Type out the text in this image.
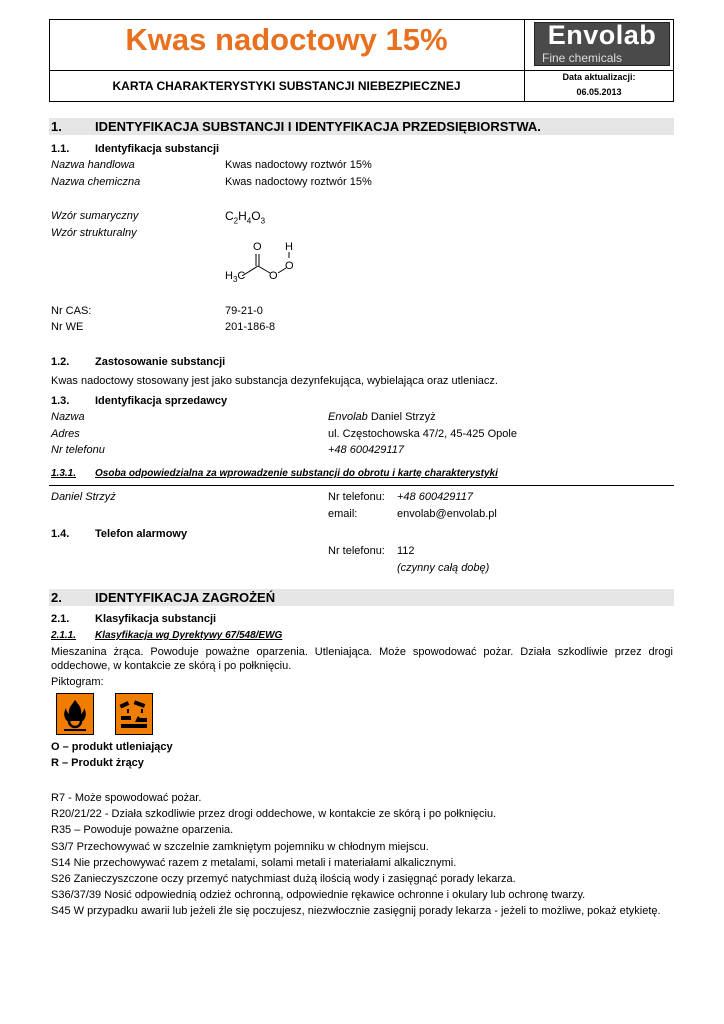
Kwas nadoctowy 15%
KARTA CHARAKTERYSTYKI SUBSTANCJI NIEBEZPIECZNEJ
Envolab
Fine chemicals
Data aktualizacji:
06.05.2013
1.	IDENTYFIKACJA SUBSTANCJI I IDENTYFIKACJA PRZEDSIĘBIORSTWA.
1.1. Identyfikacja substancji
Nazwa handlowa	Kwas nadoctowy roztwór 15%
Nazwa chemiczna	Kwas nadoctowy roztwór 15%
Wzór sumaryczny	$C_2H_4O_3$
Wzór strukturalny
O H
O
O
$H_3C$
Nr CAS:	79-21-0
Nr WE	201-186-8
1.2. Zastosowanie substancji
Kwas nadoctowy stosowany jest jako substancja dezynfekująca, wybielająca oraz utleniacz.
1.3. Identyfikacja sprzedawcy
Nazwa	Envolab Daniel Strzyż
Adres	ul. Częstochowska 47/2, 45-425 Opole
Nr telefonu	+48 600429117
1.3.1. Osoba odpowiedzialna za wprowadzenie substancji do obrotu i kartę charakterystyki
Daniel Strzyż	Nr telefonu: +48 600429117
email:	envolab@envolab.pl
1.4. Telefon alarmowy
Nr telefonu: 112
(czynny całą dobę)
2.	IDENTYFIKACJA ZAGROŻEŃ
2.1. Klasyfikacja substancji
2.1.1. Klasyfikacja wg Dyrektywy 67/548/EWG
Mieszanina żrąca. Powoduje poważne oparzenia. Utleniająca. Może spowodować pożar. Działa szkodliwie przez drogi
oddechowe, w kontakcie ze skórą i po połknięciu.
Piktogram:
O – produkt utleniający
R – Produkt żrący
R7 - Może spowodować pożar.
R20/21/22 - Działa szkodliwie przez drogi oddechowe, w kontakcie ze skórą i po połknięciu.
R35 – Powoduje poważne oparzenia.
S3/7 Przechowywać w szczelnie zamkniętym pojemniku w chłodnym miejscu.
S14 Nie przechowywać razem z metalami, solami metali i materiałami alkalicznymi.
S26 Zanieczyszczone oczy przemyć natychmiast dużą ilością wody i zasięgnąć porady lekarza.
S36/37/39 Nosić odpowiednią odzież ochronną, odpowiednie rękawice ochronne i okulary lub ochronę twarzy.
S45 W przypadku awarii lub jeżeli źle się poczujesz, niezwłocznie zasięgnij porady lekarza - jeżeli to możliwe, pokaż etykietę.
